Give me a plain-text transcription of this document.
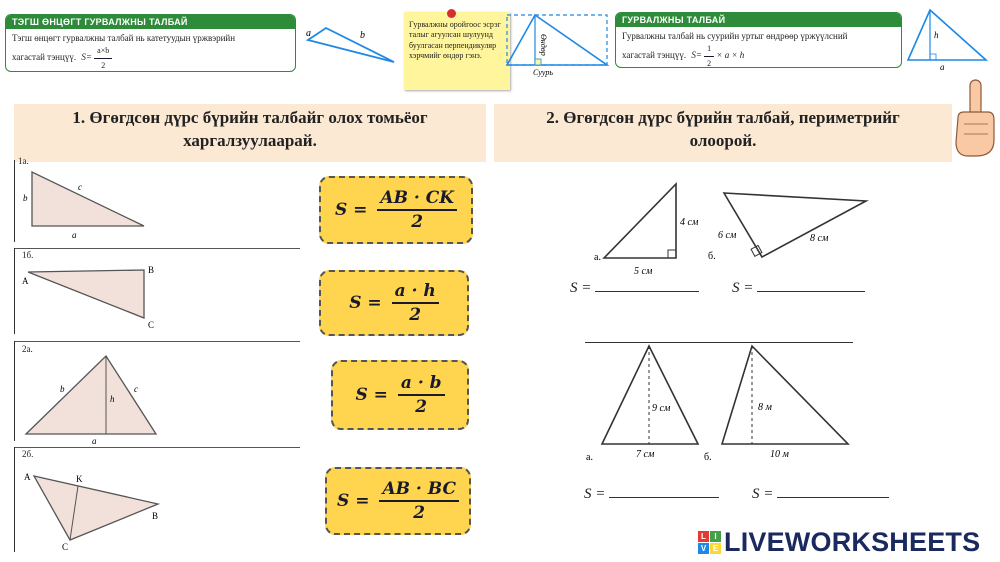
ТЭГШ ӨНЦӨГТ ГУРВАЛЖНЫ ТАЛБАЙ
Тэгш өнцөгт гурвалжны талбай нь катетуудын үржвэрийн
хагастай тэнцүү. $S= \frac{a\times b}{2}$
a	b
Гурвалжны оройгоос эсрэг талыг агуулсан шулуунд буулгасан перпендикуляр хэрчмийг өндөр гэнэ.	Өндөр
Суурь
ГУРВАЛЖНЫ ТАЛБАЙ
Гурвалжны талбай нь суурийн уртыг өндрөөр үржүүлсний
хагастай тэнцүү. $S= \frac{1}{2} \times a \times h$
h
a
1. Өгөгдсөн дүрс бүрийн талбайг олох томьёог
харгалзуулаарай.
2. Өгөгдсөн дүрс бүрийн талбай, периметрийг
олоорой.
1а.
b
c
a
1б.
A
B
C
2а.
b	c
h
a
2б.
A	K
B
C
$S = \frac{AB \cdot CK}{2}$
$S = \frac{a \cdot h}{2}$
$S = \frac{a \cdot b}{2}$
$S = \frac{AB \cdot BC}{2}$
а.
4 см
5 см
б.
6 см	8 см
S =	S =
9 см
а.	7 см
8 м
б.	10 м
S =	S =
L	I
V E LIVEWORKSHEETS
